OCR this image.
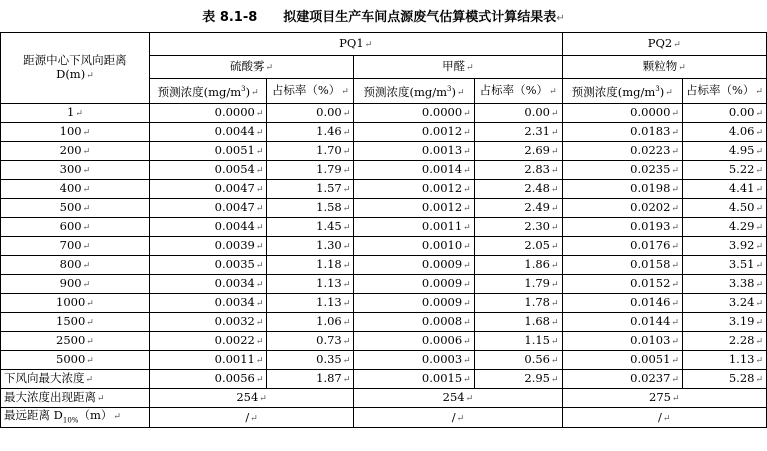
表 8.1-8 拟建项目生产车间点源废气估算模式计算结果表↵
距源中心下风向距离
D(m)↵	PQ1↵				PQ2↵	
	硫酸雾↵		甲醛↵		颗粒物↵	
	预测浓度$(mg/m^3)↵$	占标率（%）↵	预测浓度$(mg/m^3)↵$	占标率（%）↵	预测浓度$(mg/m^3)↵$	占标率（%）↵
1↵	0.0000↵	0.00↵	0.0000↵	0.00↵	0.0000↵	0.00↵
100↵	0.0044↵	1.46↵	0.0012↵	2.31↵	0.0183↵	4.06↵
200↵	0.0051↵	1.70↵	0.0013↵	2.69↵	0.0223↵	4.95↵
300↵	0.0054↵	1.79↵	0.0014↵	2.83↵	0.0235↵	5.22↵
400↵	0.0047↵	1.57↵	0.0012↵	2.48↵	0.0198↵	4.41↵
500↵	0.0047↵	1.58↵	0.0012↵	2.49↵	0.0202↵	4.50↵
600↵	0.0044↵	1.45↵	0.0011↵	2.30↵	0.0193↵	4.29↵
700↵	0.0039↵	1.30↵	0.0010↵	2.05↵	0.0176↵	3.92↵
800↵	0.0035↵	1.18↵	0.0009↵	1.86↵	0.0158↵	3.51↵
900↵	0.0034↵	1.13↵	0.0009↵	1.79↵	0.0152↵	3.38↵
1000↵	0.0034↵	1.13↵	0.0009↵	1.78↵	0.0146↵	3.24↵
1500↵	0.0032↵	1.06↵	0.0008↵	1.68↵	0.0144↵	3.19↵
2500↵	0.0022↵	0.73↵	0.0006↵	1.15↵	0.0103↵	2.28↵
5000↵	0.0011↵	0.35↵	0.0003↵	0.56↵	0.0051↵	1.13↵
下风向最大浓度↵	0.0056↵	1.87↵	0.0015↵	2.95↵	0.0237↵	5.28↵
最大浓度出现距离↵	254↵		254↵		275↵	
最远距离 $D_{10\%}(m)↵$	/↵		/↵		/↵	
